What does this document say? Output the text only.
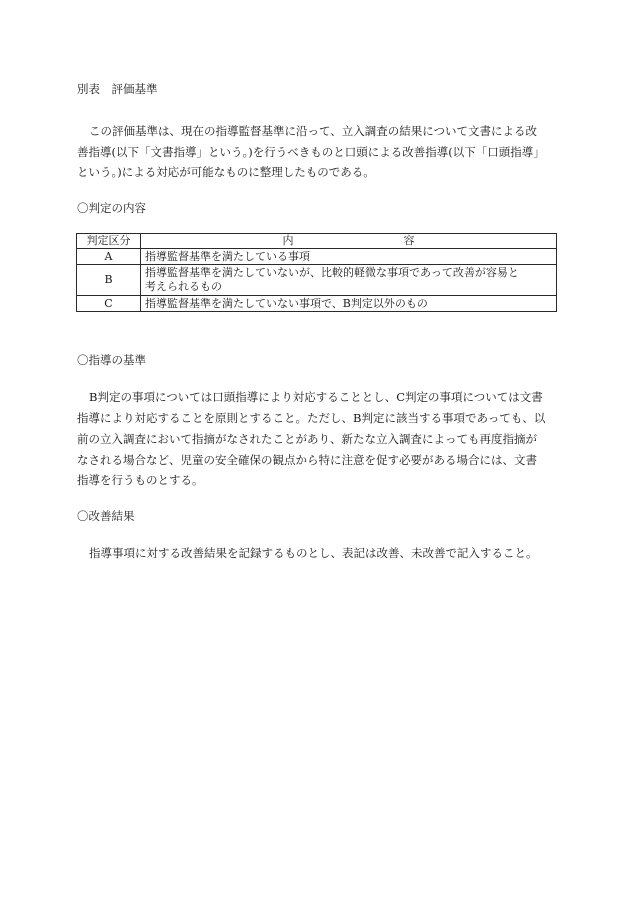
別表　評価基準
この評価基準は、現在の指導監督基準に沿って、立入調査の結果について文書による改
善指導(以下「文書指導」という。)を行うべきものと口頭による改善指導(以下「口頭指導」
という。)による対応が可能なものに整理したものである。
〇判定の内容
判定区分	内 容
A	指導監督基準を満たしている事項
B	指導監督基準を満たしていないが、比較的軽微な事項であって改善が容易と
考えられるもの

C	指導監督基準を満たしていない事項で、B判定以外のもの
〇指導の基準
B判定の事項については口頭指導により対応することとし、C判定の事項については文書
指導により対応することを原則とすること。ただし、B判定に該当する事項であっても、以
前の立入調査において指摘がなされたことがあり、新たな立入調査によっても再度指摘が
なされる場合など、児童の安全確保の観点から特に注意を促す必要がある場合には、文書
指導を行うものとする。
〇改善結果
指導事項に対する改善結果を記録するものとし、表記は改善、未改善で記入すること。
